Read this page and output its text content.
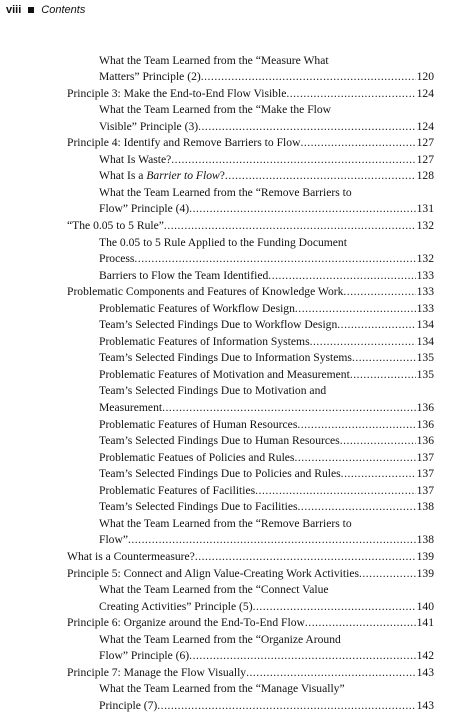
viii Contents
What the Team Learned from the “Measure What
Matters” Principle (2) .....	120
Principle 3: Make the End-to-End Flow Visible .....	124
What the Team Learned from the “Make the Flow
Visible” Principle (3) .....	124
Principle 4: Identify and Remove Barriers to Flow .....	127
What Is Waste? .....	127
What Is a Barrier to Flow? .....	128
What the Team Learned from the “Remove Barriers to
Flow” Principle (4) .....	131
“The 0.05 to 5 Rule” .....	132
The 0.05 to 5 Rule Applied to the Funding Document
Process .....	132
Barriers to Flow the Team Identified .....	133
Problematic Components and Features of Knowledge Work .....	133
Problematic Features of Workflow Design .....	133
Team’s Selected Findings Due to Workflow Design .....	134
Problematic Features of Information Systems .....	134
Team’s Selected Findings Due to Information Systems .....	135
Problematic Features of Motivation and Measurement .....	135
Team’s Selected Findings Due to Motivation and
Measurement .....	136
Problematic Features of Human Resources .....	136
Team’s Selected Findings Due to Human Resources .....	136
Problematic Featues of Policies and Rules .....	137
Team’s Selected Findings Due to Policies and Rules .....	137
Problematic Features of Facilities .....	137
Team’s Selected Findings Due to Facilities .....	138
What the Team Learned from the “Remove Barriers to
Flow” .....	138
What is a Countermeasure? .....	139
Principle 5: Connect and Align Value-Creating Work Activities .....	139
What the Team Learned from the “Connect Value
Creating Activities” Principle (5) .....	140
Principle 6: Organize around the End-To-End Flow .....	141
What the Team Learned from the “Organize Around
Flow” Principle (6) .....	142
Principle 7: Manage the Flow Visually .....	143
What the Team Learned from the “Manage Visually”
Principle (7) .....	143
